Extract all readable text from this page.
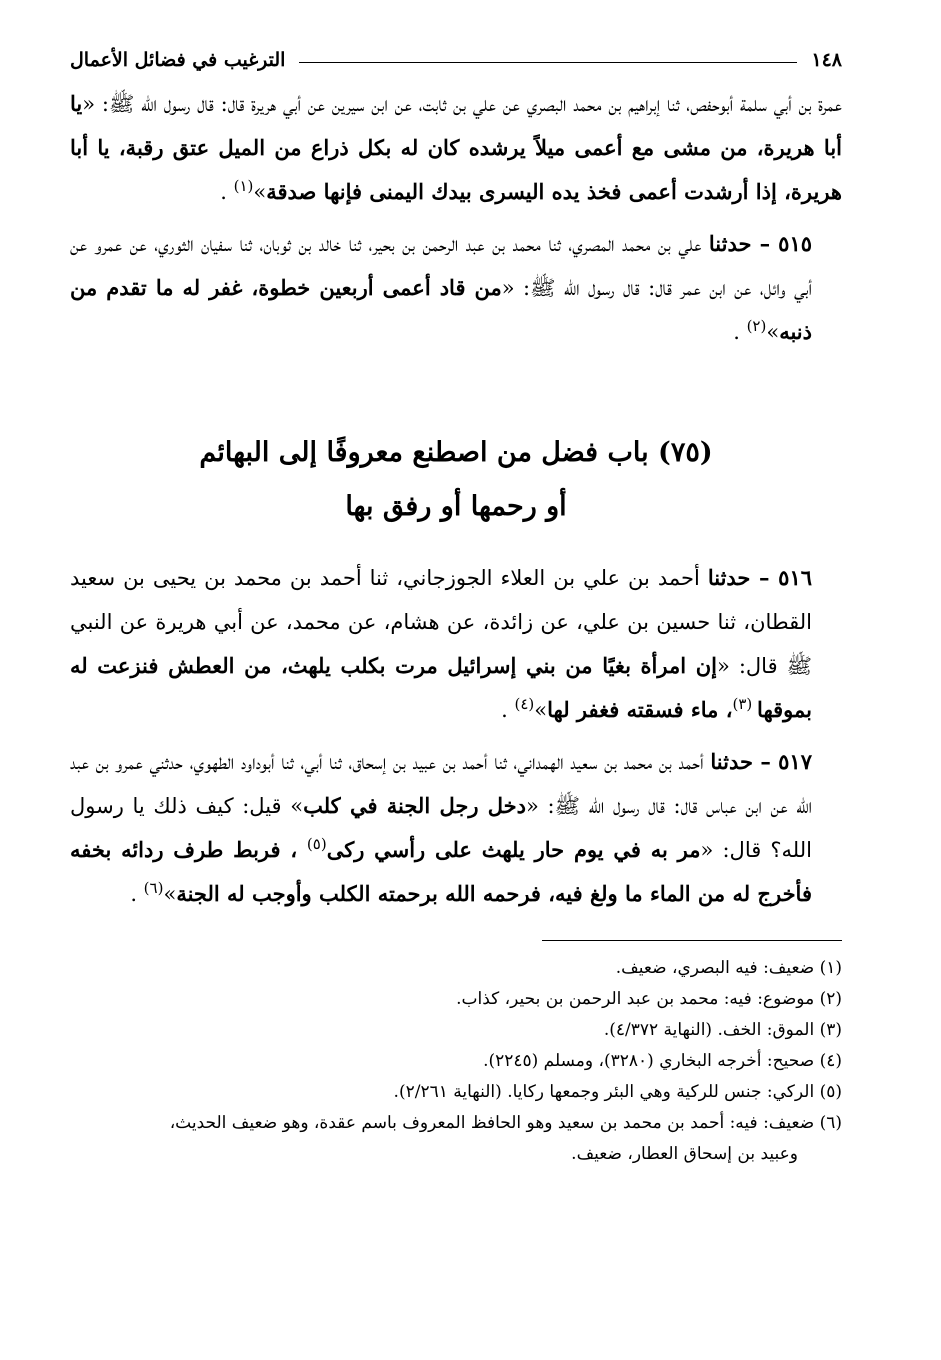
١٤٨
الترغيب في فضائل الأعمال

عمرة بن أبي سلمة أبوحفص، ثنا إبراهيم بن محمد البصري عن علي بن ثابت، عن ابن سيرين عن أبي هريرة قال: قال رسول الله ﷺ: «يا أبا هريرة، من مشى مع أعمى ميلاً يرشده كان له بكل ذراع من الميل عتق رقبة، يا أبا هريرة، إذا أرشدت أعمى فخذ يده اليسرى بيدك اليمنى فإنها صدقة»$^{(١)}$ .

٥١٥ – حدثنا علي بن محمد المصري، ثنا محمد بن عبد الرحمن بن بحير، ثنا خالد بن ثوبان، ثنا سفيان الثوري، عن عمرو عن أبي وائل، عن ابن عمر قال: قال رسول الله ﷺ: «من قاد أعمى أربعين خطوة، غفر له ما تقدم من ذنبه»$^{(٢)}$ .

(٧٥) باب فضل من اصطنع معروفًا إلى البهائم
أو رحمها أو رفق بها

٥١٦ – حدثنا أحمد بن علي بن العلاء الجوزجاني، ثنا أحمد بن محمد بن يحيى بن سعيد القطان، ثنا حسين بن علي، عن زائدة، عن هشام، عن محمد، عن أبي هريرة عن النبي ﷺ قال: «إن امرأة بغيًا من بني إسرائيل مرت بكلب يلهث، من العطش فنزعت له بموقها $^{(٣)}$، ماء فسقته فغفر لها»$^{(٤)}$ .

٥١٧ – حدثنا أحمد بن محمد بن سعيد الهمداني، ثنا أحمد بن عبيد بن إسحاق، ثنا أبي، ثنا أبوداود الطهوي، حدثني عمرو بن عبد الله عن ابن عباس قال: قال رسول الله ﷺ: «دخل رجل الجنة في كلب» قيل: كيف ذلك يا رسول الله؟ قال: «مر به في يوم حار يلهث على رأسي ركى$^{(٥)}$ ، فربط طرف ردائه بخفه فأخرج له من الماء ما ولغ فيه، فرحمه الله برحمته الكلب وأوجب له الجنة»$^{(٦)}$ .

(١) ضعيف: فيه البصري، ضعيف.
(٢) موضوع: فيه: محمد بن عبد الرحمن بن بحير، كذاب.
(٣) الموق: الخف. (النهاية ٤/٣٧٢).
(٤) صحيح: أخرجه البخاري (٣٢٨٠)، ومسلم (٢٢٤٥).
(٥) الركي: جنس للركية وهي البئر وجمعها ركايا. (النهاية ٢/٢٦١).
(٦) ضعيف: فيه: أحمد بن محمد بن سعيد وهو الحافظ المعروف باسم عقدة، وهو ضعيف الحديث،
وعبيد بن إسحاق العطار، ضعيف.
